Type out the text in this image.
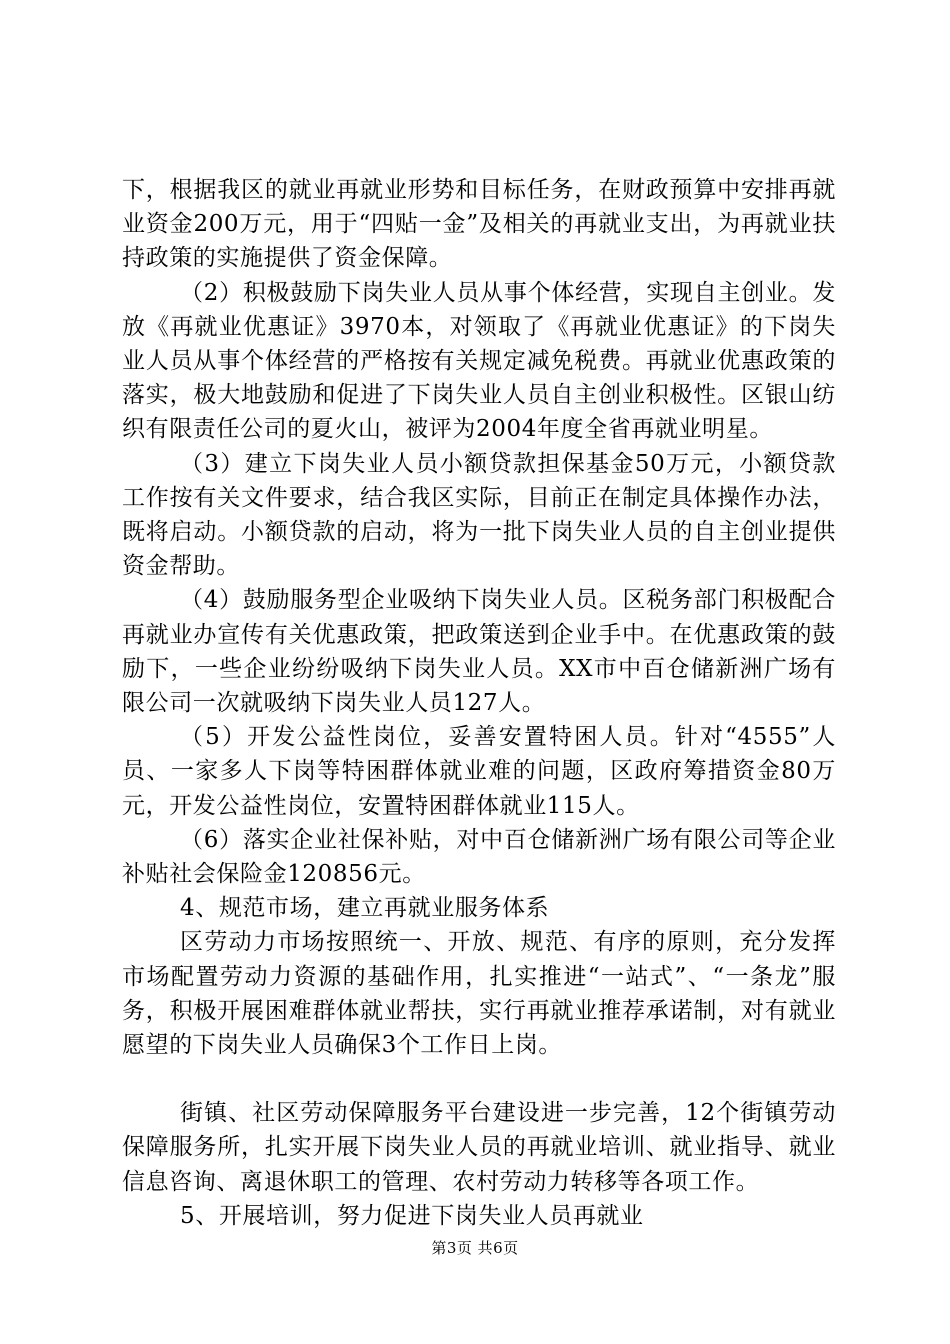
下，根据我区的就业再就业形势和目标任务，在财政预算中安排再就业资金200万元，用于“四贴一金”及相关的再就业支出，为再就业扶持政策的实施提供了资金保障。

（2）积极鼓励下岗失业人员从事个体经营，实现自主创业。发放《再就业优惠证》3970本，对领取了《再就业优惠证》的下岗失业人员从事个体经营的严格按有关规定减免税费。再就业优惠政策的落实，极大地鼓励和促进了下岗失业人员自主创业积极性。区银山纺织有限责任公司的夏火山，被评为2004年度全省再就业明星。

（3）建立下岗失业人员小额贷款担保基金50万元，小额贷款工作按有关文件要求，结合我区实际，目前正在制定具体操作办法，既将启动。小额贷款的启动，将为一批下岗失业人员的自主创业提供资金帮助。

（4）鼓励服务型企业吸纳下岗失业人员。区税务部门积极配合再就业办宣传有关优惠政策，把政策送到企业手中。在优惠政策的鼓励下，一些企业纷纷吸纳下岗失业人员。XX市中百仓储新洲广场有限公司一次就吸纳下岗失业人员127人。

（5）开发公益性岗位，妥善安置特困人员。针对“4555”人员、一家多人下岗等特困群体就业难的问题，区政府筹措资金80万元，开发公益性岗位，安置特困群体就业115人。

（6）落实企业社保补贴，对中百仓储新洲广场有限公司等企业补贴社会保险金120856元。

4、规范市场，建立再就业服务体系

区劳动力市场按照统一、开放、规范、有序的原则，充分发挥市场配置劳动力资源的基础作用，扎实推进“一站式”、“一条龙”服务，积极开展困难群体就业帮扶，实行再就业推荐承诺制，对有就业愿望的下岗失业人员确保3个工作日上岗。

街镇、社区劳动保障服务平台建设进一步完善，12个街镇劳动保障服务所，扎实开展下岗失业人员的再就业培训、就业指导、就业信息咨询、离退休职工的管理、农村劳动力转移等各项工作。

5、开展培训，努力促进下岗失业人员再就业

第3页 共6页
